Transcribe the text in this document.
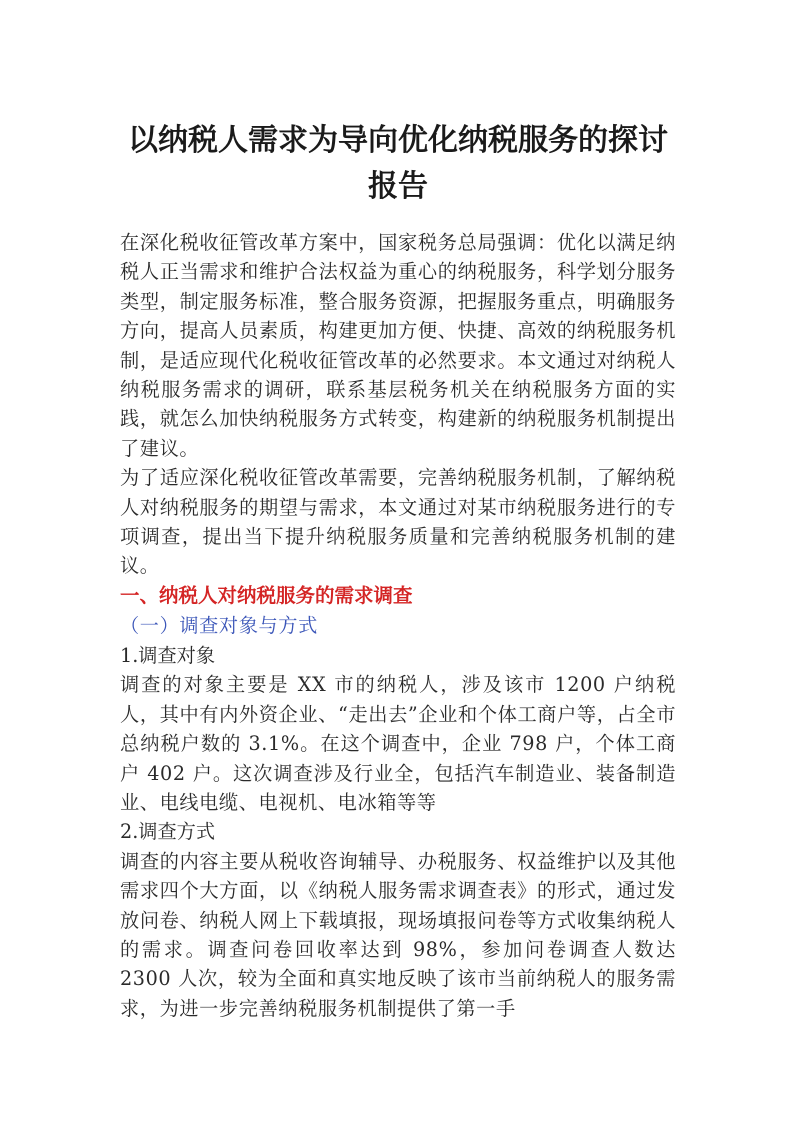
以纳税人需求为导向优化纳税服务的探讨报告

在深化税收征管改革方案中，国家税务总局强调：优化以满足纳税人正当需求和维护合法权益为重心的纳税服务，科学划分服务类型，制定服务标准，整合服务资源，把握服务重点，明确服务方向，提高人员素质，构建更加方便、快捷、高效的纳税服务机制，是适应现代化税收征管改革的必然要求。本文通过对纳税人纳税服务需求的调研，联系基层税务机关在纳税服务方面的实践，就怎么加快纳税服务方式转变，构建新的纳税服务机制提出了建议。

为了适应深化税收征管改革需要，完善纳税服务机制，了解纳税人对纳税服务的期望与需求，本文通过对某市纳税服务进行的专项调查，提出当下提升纳税服务质量和完善纳税服务机制的建议。

一、纳税人对纳税服务的需求调查

（一）调查对象与方式

1.调查对象

调查的对象主要是 XX 市的纳税人，涉及该市 1200 户纳税人，其中有内外资企业、“走出去”企业和个体工商户等，占全市总纳税户数的 3.1%。在这个调查中，企业 798 户，个体工商户 402 户。这次调查涉及行业全，包括汽车制造业、装备制造业、电线电缆、电视机、电冰箱等等

2.调查方式

调查的内容主要从税收咨询辅导、办税服务、权益维护以及其他需求四个大方面，以《纳税人服务需求调查表》的形式，通过发放问卷、纳税人网上下载填报，现场填报问卷等方式收集纳税人的需求。调查问卷回收率达到 98%，参加问卷调查人数达 2300 人次，较为全面和真实地反映了该市当前纳税人的服务需求，为进一步完善纳税服务机制提供了第一手
